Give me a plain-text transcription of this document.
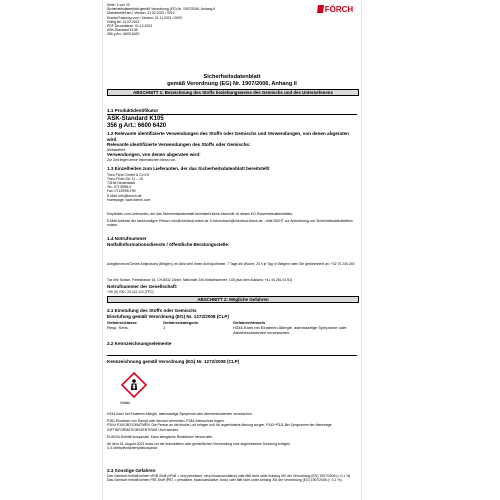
Seite: 1 von 23
Sicherheitsdatenblatt gemäß Verordnung (EG) Nr. 1907/2006, Anhang II
Überarbeitet am / Version: 21.02.2022 / 0010
Ersetzt Fassung vom / Version: 01.11.2021 / 0009
Gültig ab: 21.02.2022
PDF-Druckdatum: 01.12.2023
ASK-Standard K105
356 g Art.: 6600 6420
FÖRCH
Sicherheitsdatenblatt
gemäß Verordnung (EG) Nr. 1907/2006, Anhang II
ABSCHNITT 1: Bezeichnung des Stoffs beziehungsweise des Gemischs und des Unternehmens
1.1 Produktidentifikator
ASK-Standard K105
356 g Art.: 6600 6420
1.2 Relevante identifizierte Verwendungen des Stoffs oder Gemischs und Verwendungen, von denen abgeraten wird
Relevante identifizierte Verwendungen des Stoffs oder Gemischs:
Klebstoffreif
Verwendungen, von denen abgeraten wird:
Zur Zeit liegen keine Informationen hierzu vor.
1.3 Einzelheiten zum Lieferanten, der das Sicherheitsdatenblatt bereitstellt
Theo Förch GmbH & Co KG
Theo-Förch-Str. 11 – 15
74196 Neuenstadt
Tel.: 07139/95-0
Fax: 07139/95-199
E-Mail: info@foerch.de
Homepage: www.foerch.com
Empfehlen zum Lieferanten, der das Sicherheitsdatenblatt bereitstellt siehe Abschnitt 16 dieses EG-Sicherheitsdatenblattes.
E-Mail-Adresse der sachkundigen Person: info@chemical-check.de, k.schmutzsch@chemical-check.de – bitte NICHT zur Anforderung von Sicherheitsdatenblättern nutzen.
1.4 Notrufnummer
Notfallinformationsdienste / öffentliche Beratungsstelle:
Antigifcentrum/Centre Antipoisons (Belgien), en Abid wird Ihnen Arzt/Apotheker, 7 Tage die Woche, 24 h je Tag; In Belgien rufen Sie gebührenfrei an: +32 70 245 245
Tox Info Suisse, Freiestrasse 16, CH-8032 Zürich: Nationale 24h-Notfallnummer: 145 (aus dem Ausland: +41 44 251 51 51)
Notrufnummer der Gesellschaft:
+49 (0) 700 / 24 112 112 (TFC)
ABSCHNITT 2: Mögliche Gefahren
2.1 Einstufung des Stoffs oder Gemischs
Einstufung gemäß Verordnung (EG) Nr. 1272/2008 (CLP)
Gefahrenklasse	Gefahrenkategorie	Gefahrenhinweis
Resp. Sens.	1	H334-Kann bei Einatmen Allergie, asthmaartige Symptome oder Atembeschwerden verursachen.
2.2 Kennzeichnungselemente
Kennzeichnung gemäß Verordnung (EG) Nr. 1272/2008 (CLP)
Gefahr
H334-Kann bei Einatmen Allergie, asthmaartige Symptome oder Atembeschwerden verursachen.
P261-Einatmen von Dampf oder Aerosol vermeiden. P284-Atemschutz tragen.
P304+P340-BEI EINATMEN: Die Person an die frische Luft bringen und für ungehinderte Atmung sorgen. P342+P311-Bei Symptomen der Atemwege: GIFTINFORMATIONSZENTRUM / Arzt anrufen.
EUH204-Enthält Isocyanate. Kann allergische Reaktionen hervorrufen.
Ab dem 24. August 2023 muss vor der industriellen oder gewerblichen Verwendung eine angemessene Schulung erfolgen.
4,4'-Methylendiphenyldiisocyanat
2.3 Sonstige Gefahren
Das Gemisch enthält keinen vPvB-Stoff (vPvB = very persistent, very bioaccumulative) oder fällt nicht unter Anhang XIII der Verordnung (EG) 1907/2006 (< 0,1 %).
Das Gemisch enthält keinen PBT-Stoff (PBT = persistent, bioaccumulative, toxic) oder fällt nicht unter Anhang XIII der Verordnung (EG) 1907/2006 (< 0,1 %).
